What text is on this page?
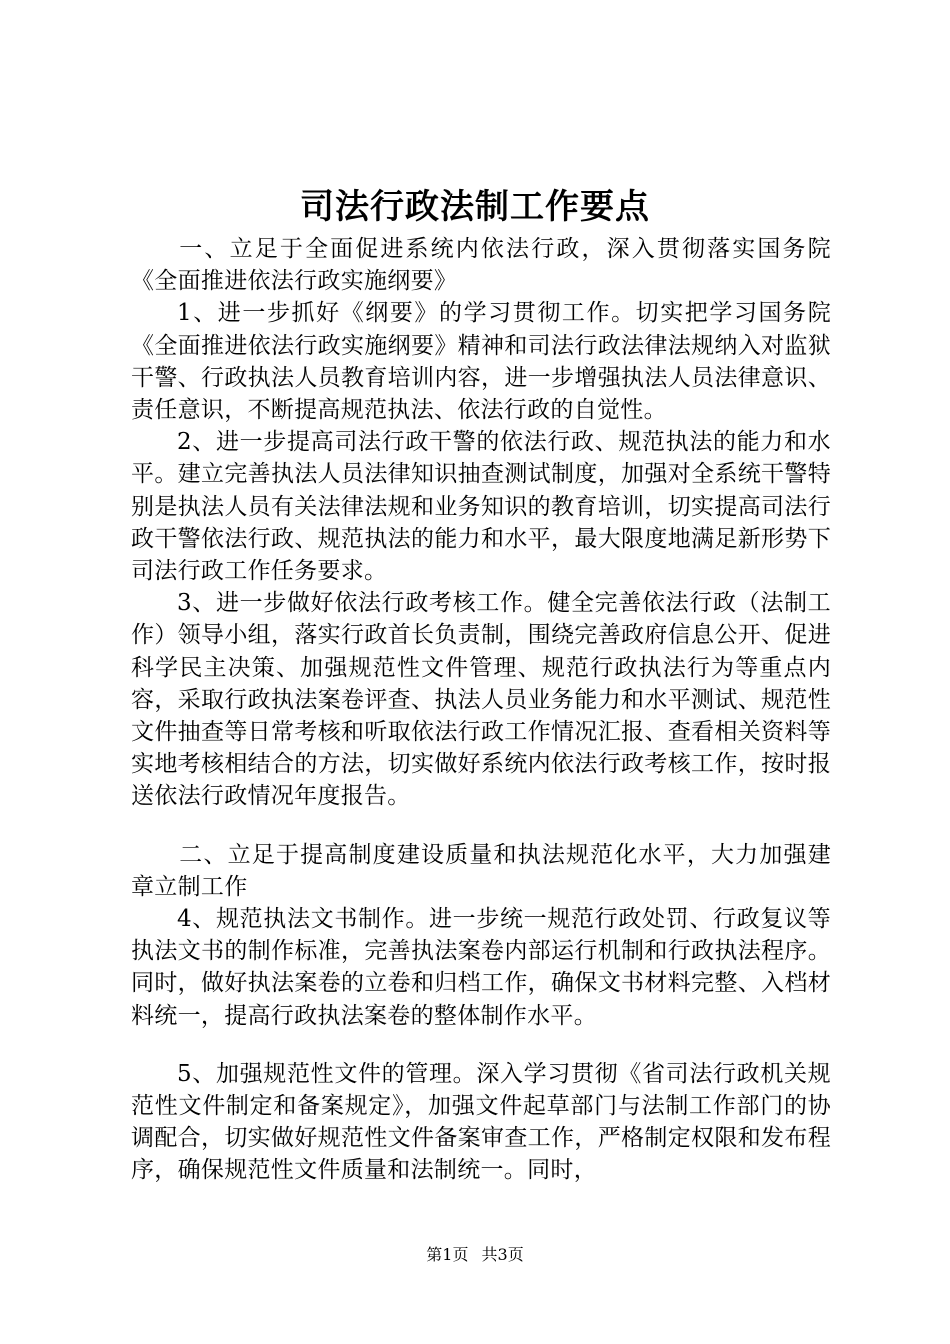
司法行政法制工作要点

一、立足于全面促进系统内依法行政，深入贯彻落实国务院《全面推进依法行政实施纲要》

1、进一步抓好《纲要》的学习贯彻工作。切实把学习国务院《全面推进依法行政实施纲要》精神和司法行政法律法规纳入对监狱干警、行政执法人员教育培训内容，进一步增强执法人员法律意识、责任意识，不断提高规范执法、依法行政的自觉性。

2、进一步提高司法行政干警的依法行政、规范执法的能力和水平。建立完善执法人员法律知识抽查测试制度，加强对全系统干警特别是执法人员有关法律法规和业务知识的教育培训，切实提高司法行政干警依法行政、规范执法的能力和水平，最大限度地满足新形势下司法行政工作任务要求。

3、进一步做好依法行政考核工作。健全完善依法行政（法制工作）领导小组，落实行政首长负责制，围绕完善政府信息公开、促进科学民主决策、加强规范性文件管理、规范行政执法行为等重点内容，采取行政执法案卷评查、执法人员业务能力和水平测试、规范性文件抽查等日常考核和听取依法行政工作情况汇报、查看相关资料等实地考核相结合的方法，切实做好系统内依法行政考核工作，按时报送依法行政情况年度报告。

二、立足于提高制度建设质量和执法规范化水平，大力加强建章立制工作

4、规范执法文书制作。进一步统一规范行政处罚、行政复议等执法文书的制作标准，完善执法案卷内部运行机制和行政执法程序。同时，做好执法案卷的立卷和归档工作，确保文书材料完整、入档材料统一，提高行政执法案卷的整体制作水平。

5、加强规范性文件的管理。深入学习贯彻《省司法行政机关规范性文件制定和备案规定》，加强文件起草部门与法制工作部门的协调配合，切实做好规范性文件备案审查工作，严格制定权限和发布程序，确保规范性文件质量和法制统一。同时，

第1页 共3页
